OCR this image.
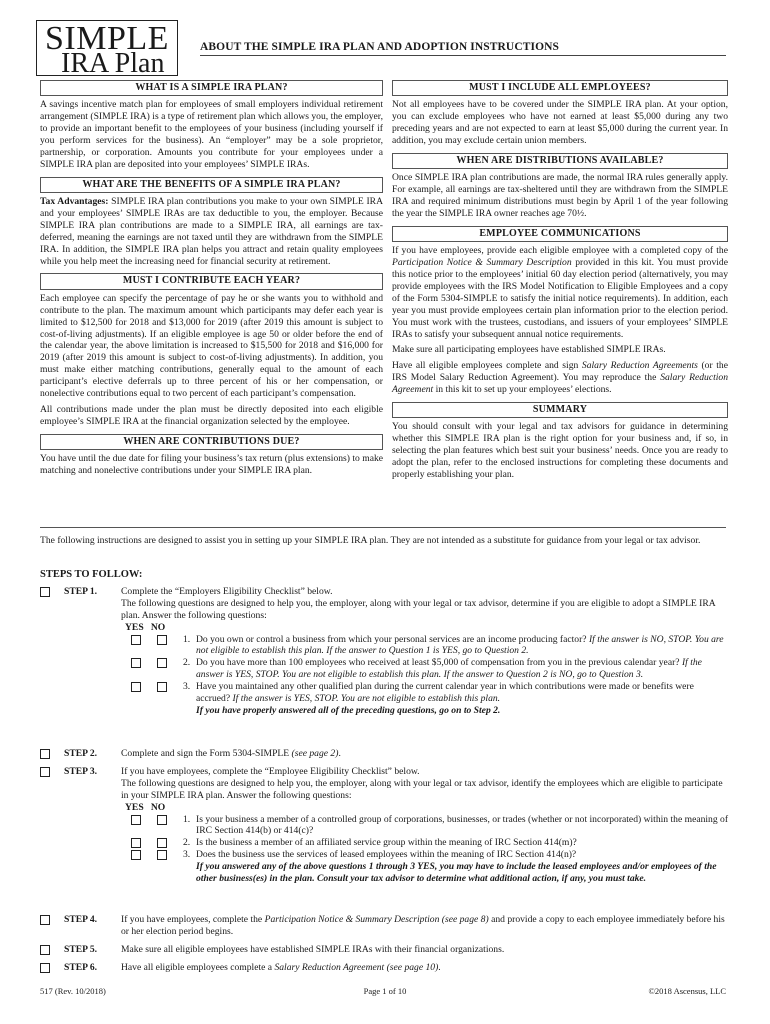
SIMPLE
IRA Plan
ABOUT THE SIMPLE IRA PLAN AND ADOPTION INSTRUCTIONS
WHAT IS A SIMPLE IRA PLAN?
A savings incentive match plan for employees of small employers individual retirement arrangement (SIMPLE IRA) is a type of retirement plan which allows you, the employer, to provide an important benefit to the employees of your business (including yourself if you perform services for the business). An “employer” may be a sole proprietor, partnership, or corporation. Amounts you contribute for your employees under a SIMPLE IRA plan are deposited into your employees’ SIMPLE IRAs.
WHAT ARE THE BENEFITS OF A SIMPLE IRA PLAN?
Tax Advantages: SIMPLE IRA plan contributions you make to your own SIMPLE IRA and your employees’ SIMPLE IRAs are tax deductible to you, the employer. Because SIMPLE IRA plan contributions are made to a SIMPLE IRA, all earnings are tax-deferred, meaning the earnings are not taxed until they are withdrawn from the SIMPLE IRA. In addition, the SIMPLE IRA plan helps you attract and retain quality employees while you help meet the increasing need for financial security at retirement.
MUST I CONTRIBUTE EACH YEAR?
Each employee can specify the percentage of pay he or she wants you to withhold and contribute to the plan. The maximum amount which participants may defer each year is limited to $12,500 for 2018 and $13,000 for 2019 (after 2019 this amount is subject to cost-of-living adjustments). If an eligible employee is age 50 or older before the end of the calendar year, the above limitation is increased to $15,500 for 2018 and $16,000 for 2019 (after 2019 this amount is subject to cost-of-living adjustments). In addition, you must make either matching contributions, generally equal to the amount of each participant’s elective deferrals up to three percent of his or her compensation, or nonelective contributions equal to two percent of each participant’s compensation.
All contributions made under the plan must be directly deposited into each eligible employee’s SIMPLE IRA at the financial organization selected by the employee.
WHEN ARE CONTRIBUTIONS DUE?
You have until the due date for filing your business’s tax return (plus extensions) to make matching and nonelective contributions under your SIMPLE IRA plan.
MUST I INCLUDE ALL EMPLOYEES?
Not all employees have to be covered under the SIMPLE IRA plan. At your option, you can exclude employees who have not earned at least $5,000 during any two preceding years and are not expected to earn at least $5,000 during the current year. In addition, you may exclude certain union members.
WHEN ARE DISTRIBUTIONS AVAILABLE?
Once SIMPLE IRA plan contributions are made, the normal IRA rules generally apply. For example, all earnings are tax-sheltered until they are withdrawn from the SIMPLE IRA and required minimum distributions must begin by April 1 of the year following the year the SIMPLE IRA owner reaches age 70½.
EMPLOYEE COMMUNICATIONS
If you have employees, provide each eligible employee with a completed copy of the Participation Notice & Summary Description provided in this kit. You must provide this notice prior to the employees’ initial 60 day election period (alternatively, you may provide employees with the IRS Model Notification to Eligible Employees and a copy of the Form 5304-SIMPLE to satisfy the initial notice requirements). In addition, each year you must provide employees certain plan information prior to the election period. You must work with the trustees, custodians, and issuers of your employees’ SIMPLE IRAs to satisfy your subsequent annual notice requirements.
Make sure all participating employees have established SIMPLE IRAs.
Have all eligible employees complete and sign Salary Reduction Agreements (or the IRS Model Salary Reduction Agreement). You may reproduce the Salary Reduction Agreement in this kit to set up your employees’ elections.
SUMMARY
You should consult with your legal and tax advisors for guidance in determining whether this SIMPLE IRA plan is the right option for your business and, if so, in selecting the plan features which best suit your business’ needs. Once you are ready to adopt the plan, refer to the enclosed instructions for completing these documents and properly establishing your plan.
The following instructions are designed to assist you in setting up your SIMPLE IRA plan. They are not intended as a substitute for guidance from your legal or tax advisor.
STEPS TO FOLLOW:
STEP 1. Complete the “Employers Eligibility Checklist” below.
The following questions are designed to help you, the employer, along with your legal or tax advisor, determine if you are eligible to adopt a SIMPLE IRA plan. Answer the following questions:
YES NO
1. Do you own or control a business from which your personal services are an income producing factor? If the answer is NO, STOP. You are not eligible to establish this plan. If the answer to Question 1 is YES, go to Question 2.
2. Do you have more than 100 employees who received at least $5,000 of compensation from you in the previous calendar year? If the answer is YES, STOP. You are not eligible to establish this plan. If the answer to Question 2 is NO, go to Question 3.
3. Have you maintained any other qualified plan during the current calendar year in which contributions were made or benefits were accrued? If the answer is YES, STOP. You are not eligible to establish this plan.
If you have properly answered all of the preceding questions, go on to Step 2.
STEP 2. Complete and sign the Form 5304-SIMPLE (see page 2).
STEP 3. If you have employees, complete the “Employee Eligibility Checklist” below.
The following questions are designed to help you, the employer, along with your legal or tax advisor, identify the employees which are eligible to participate in your SIMPLE IRA plan. Answer the following questions:
YES NO
1. Is your business a member of a controlled group of corporations, businesses, or trades (whether or not incorporated) within the meaning of IRC Section 414(b) or 414(c)?
2. Is the business a member of an affiliated service group within the meaning of IRC Section 414(m)?
3. Does the business use the services of leased employees within the meaning of IRC Section 414(n)?
If you answered any of the above questions 1 through 3 YES, you may have to include the leased employees and/or employees of the other business(es) in the plan. Consult your tax advisor to determine what additional action, if any, you must take.
STEP 4. If you have employees, complete the Participation Notice & Summary Description (see page 8) and provide a copy to each employee immediately before his or her election period begins.
STEP 5. Make sure all eligible employees have established SIMPLE IRAs with their financial organizations.
STEP 6. Have all eligible employees complete a Salary Reduction Agreement (see page 10).
517 (Rev. 10/2018)	Page 1 of 10	©2018 Ascensus, LLC
